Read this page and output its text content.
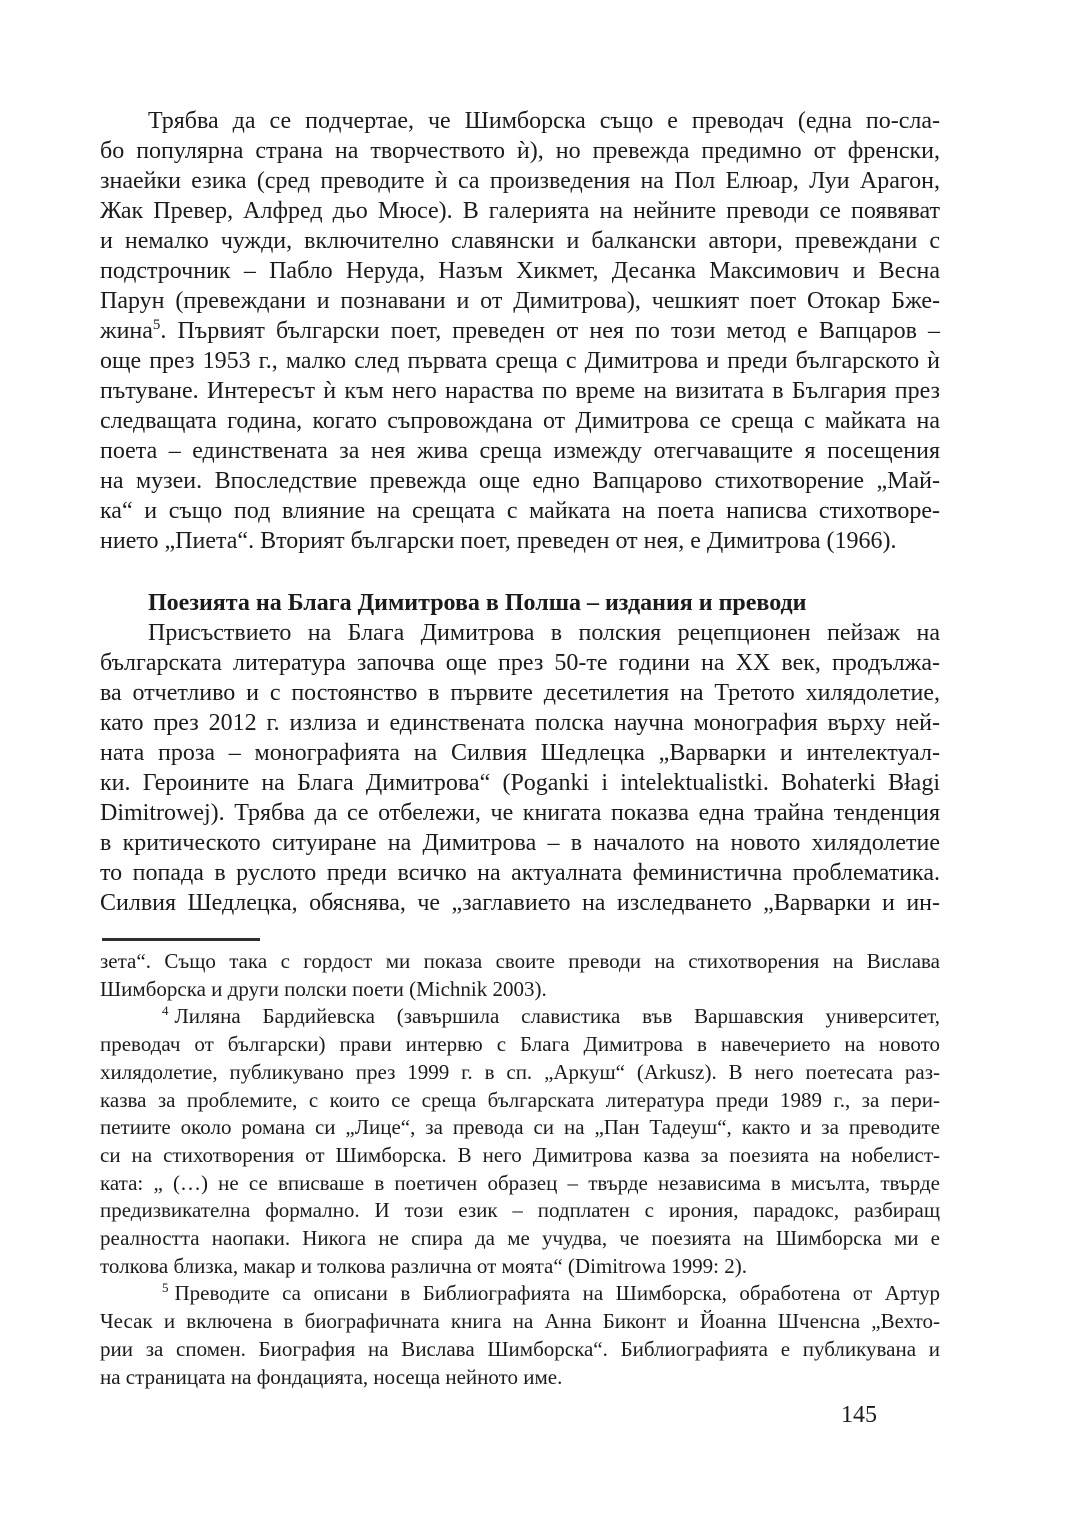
Трябва да се подчертае, че Шимборска също е преводач (една по-сла-
бо популярна страна на творчеството ѝ), но превежда предимно от френски,
знаейки езика (сред преводите ѝ са произведения на Пол Елюар, Луи Арагон,
Жак Превер, Алфред дьо Мюсе). В галерията на нейните преводи се появяват
и немалко чужди, включително славянски и балкански автори, превеждани с
подстрочник – Пабло Неруда, Назъм Хикмет, Десанка Максимович и Весна
Парун (превеждани и познавани и от Димитрова), чешкият поет Отокар Бже-
жина$^5$. Първият български поет, преведен от нея по този метод е Вапцаров –
още през 1953 г., малко след първата среща с Димитрова и преди българското ѝ
пътуване. Интересът ѝ към него нараства по време на визитата в България през
следващата година, когато съпровождана от Димитрова се среща с майката на
поета – единствената за нея жива среща измежду отегчаващите я посещения
на музеи. Впоследствие превежда още едно Вапцарово стихотворение „Май-
ка“ и също под влияние на срещата с майката на поета написва стихотворе-
нието „Пиета“. Вторият български поет, преведен от нея, е Димитрова (1966).
Поезията на Блага Димитрова в Полша – издания и преводи
Присъствието на Блага Димитрова в полския рецепционен пейзаж на
българската литература започва още през 50-те години на ХХ век, продължа-
ва отчетливо и с постоянство в първите десетилетия на Третото хилядолетие,
като през 2012 г. излиза и единствената полска научна монография върху ней-
ната проза – монографията на Силвия Шедлецка „Варварки и интелектуал-
ки. Героините на Блага Димитрова“ (Poganki i intelektualistki. Bohaterki Błagi
Dimitrowej). Трябва да се отбележи, че книгата показва една трайна тенденция
в критическото ситуиране на Димитрова – в началото на новото хилядолетие
то попада в руслото преди всичко на актуалната феминистична проблематика.
Силвия Шедлецка, обяснява, че „заглавието на изследването „Варварки и ин-
зета“. Също така с гордост ми показа своите преводи на стихотворения на Вислава
Шимборска и други полски поети (Michnik 2003).
$^4$ Лиляна Бардийевска (завършила славистика във Варшавския университет,
преводач от български) прави интервю с Блага Димитрова в навечерието на новото
хилядолетие, публикувано през 1999 г. в сп. „Аркуш“ (Arkusz). В него поетесата раз-
казва за проблемите, с които се среща българската литература преди 1989 г., за пери-
петиите около романа си „Лице“, за превода си на „Пан Тадеуш“, както и за преводите
си на стихотворения от Шимборска. В него Димитрова казва за поезията на нобелист-
ката: „ (…) не се вписваше в поетичен образец – твърде независима в мисълта, твърде
предизвикателна формално. И този език – подплатен с ирония, парадокс, разбиращ
реалността наопаки. Никога не спира да ме учудва, че поезията на Шимборска ми е
толкова близка, макар и толкова различна от моята“ (Dimitrowa 1999: 2).
$^5$ Преводите са описани в Библиографията на Шимборска, обработена от Артур
Чесак и включена в биографичната книга на Анна Биконт и Йоанна Шченсна „Вехто-
рии за спомен. Биография на Вислава Шимборска“. Библиографията е публикувана и
на страницата на фондацията, носеща нейното име.
145
